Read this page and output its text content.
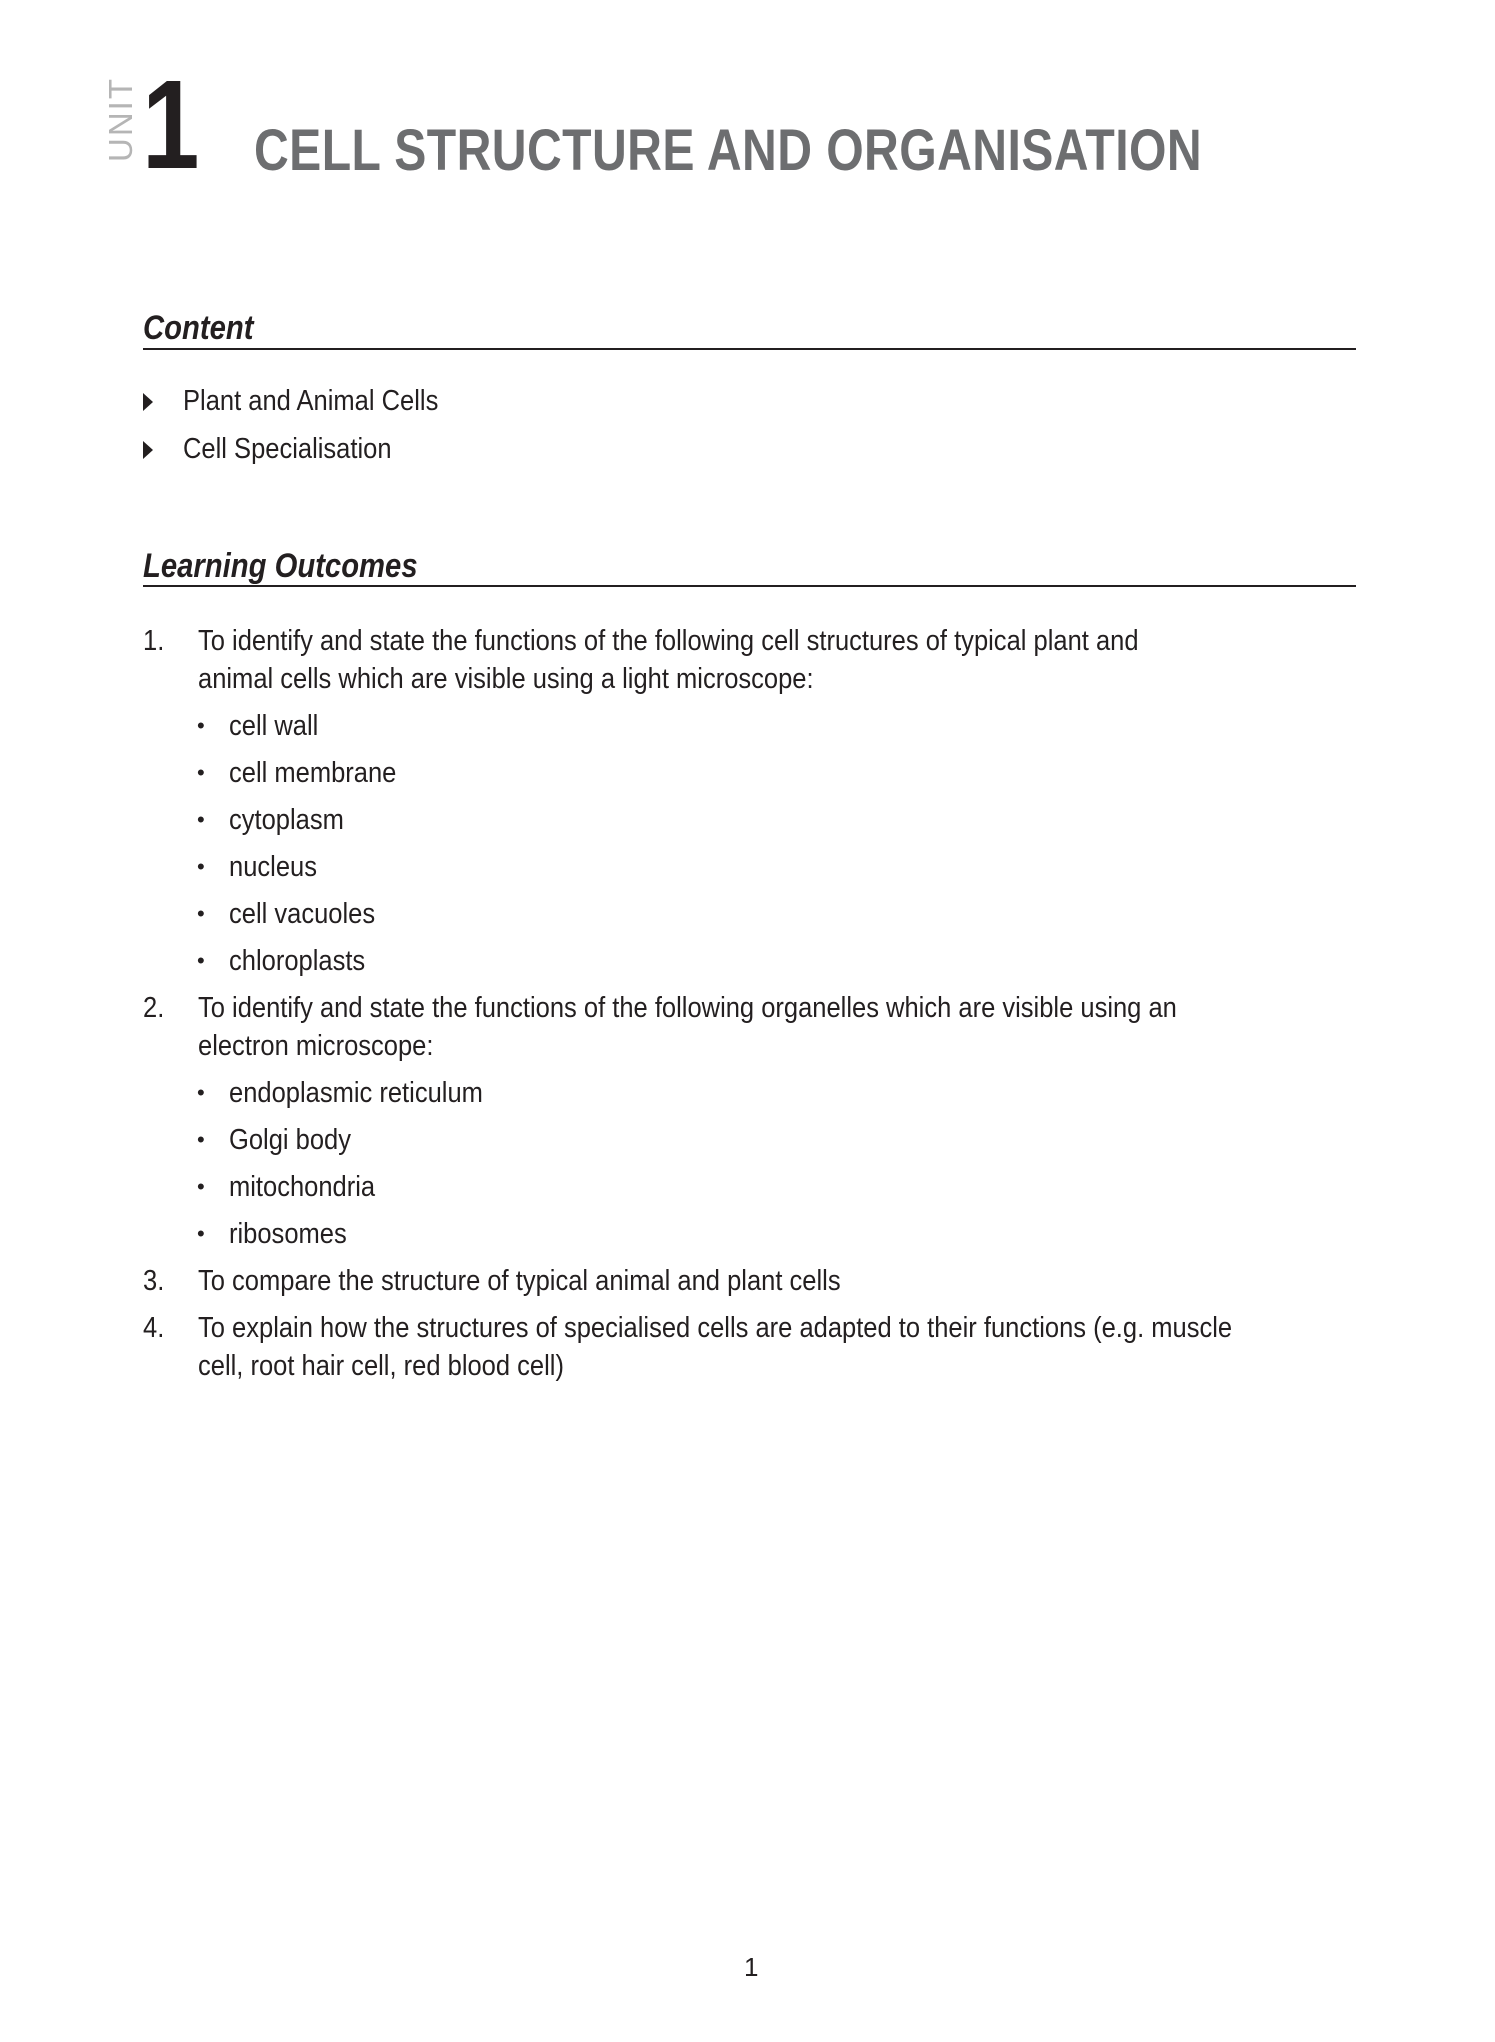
UNIT 1 CELL STRUCTURE AND ORGANISATION
Content
Plant and Animal Cells
Cell Specialisation
Learning Outcomes
1. To identify and state the functions of the following cell structures of typical plant and
animal cells which are visible using a light microscope:
• cell wall
• cell membrane
• cytoplasm
• nucleus
• cell vacuoles
• chloroplasts
2. To identify and state the functions of the following organelles which are visible using an
electron microscope:
• endoplasmic reticulum
• Golgi body
• mitochondria
• ribosomes
3. To compare the structure of typical animal and plant cells
4. To explain how the structures of specialised cells are adapted to their functions (e.g. muscle
cell, root hair cell, red blood cell)
1
